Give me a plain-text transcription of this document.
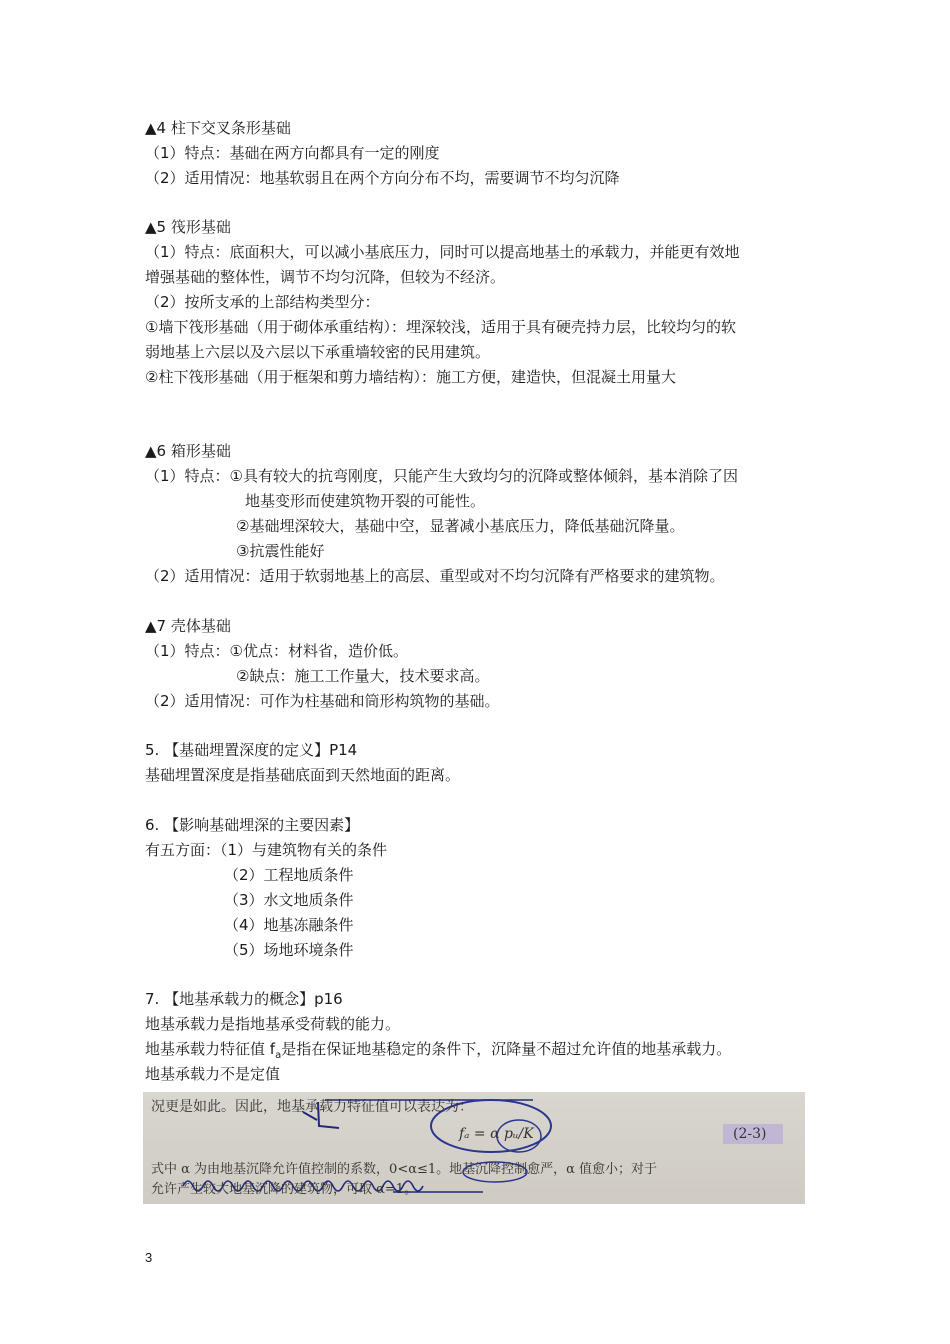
▲4 柱下交叉条形基础
（1）特点：基础在两方向都具有一定的刚度
（2）适用情况：地基软弱且在两个方向分布不均，需要调节不均匀沉降
▲5 筏形基础
（1）特点：底面积大，可以减小基底压力，同时可以提高地基土的承载力，并能更有效地
增强基础的整体性，调节不均匀沉降，但较为不经济。
（2）按所支承的上部结构类型分：
①墙下筏形基础（用于砌体承重结构）：埋深较浅，适用于具有硬壳持力层，比较均匀的软
弱地基上六层以及六层以下承重墙较密的民用建筑。
②柱下筏形基础（用于框架和剪力墙结构）：施工方便，建造快，但混凝土用量大
▲6 箱形基础
（1）特点：①具有较大的抗弯刚度，只能产生大致均匀的沉降或整体倾斜，基本消除了因
地基变形而使建筑物开裂的可能性。
②基础埋深较大，基础中空，显著减小基底压力，降低基础沉降量。
③抗震性能好
（2）适用情况：适用于软弱地基上的高层、重型或对不均匀沉降有严格要求的建筑物。
▲7 壳体基础
（1）特点：①优点：材料省，造价低。
②缺点：施工工作量大，技术要求高。
（2）适用情况：可作为柱基础和筒形构筑物的基础。
5. 【基础埋置深度的定义】P14
基础埋置深度是指基础底面到天然地面的距离。
6. 【影响基础埋深的主要因素】
有五方面：（1）与建筑物有关的条件
（2）工程地质条件
（3）水文地质条件
（4）地基冻融条件
（5）场地环境条件
7. 【地基承载力的概念】p16
地基承载力是指地基承受荷载的能力。
地基承载力特征值 $f_a$是指在保证地基稳定的条件下，沉降量不超过允许值的地基承载力。
地基承载力不是定值
况更是如此。因此，地基承载力特征值可以表达为：
fₐ = α pᵤ/K	(2-3)
式中 α 为由地基沉降允许值控制的系数，0<α≤1。地基沉降控制愈严，α 值愈小；对于
允许产生较大地基沉降的建筑物，可取 α=1。
3
